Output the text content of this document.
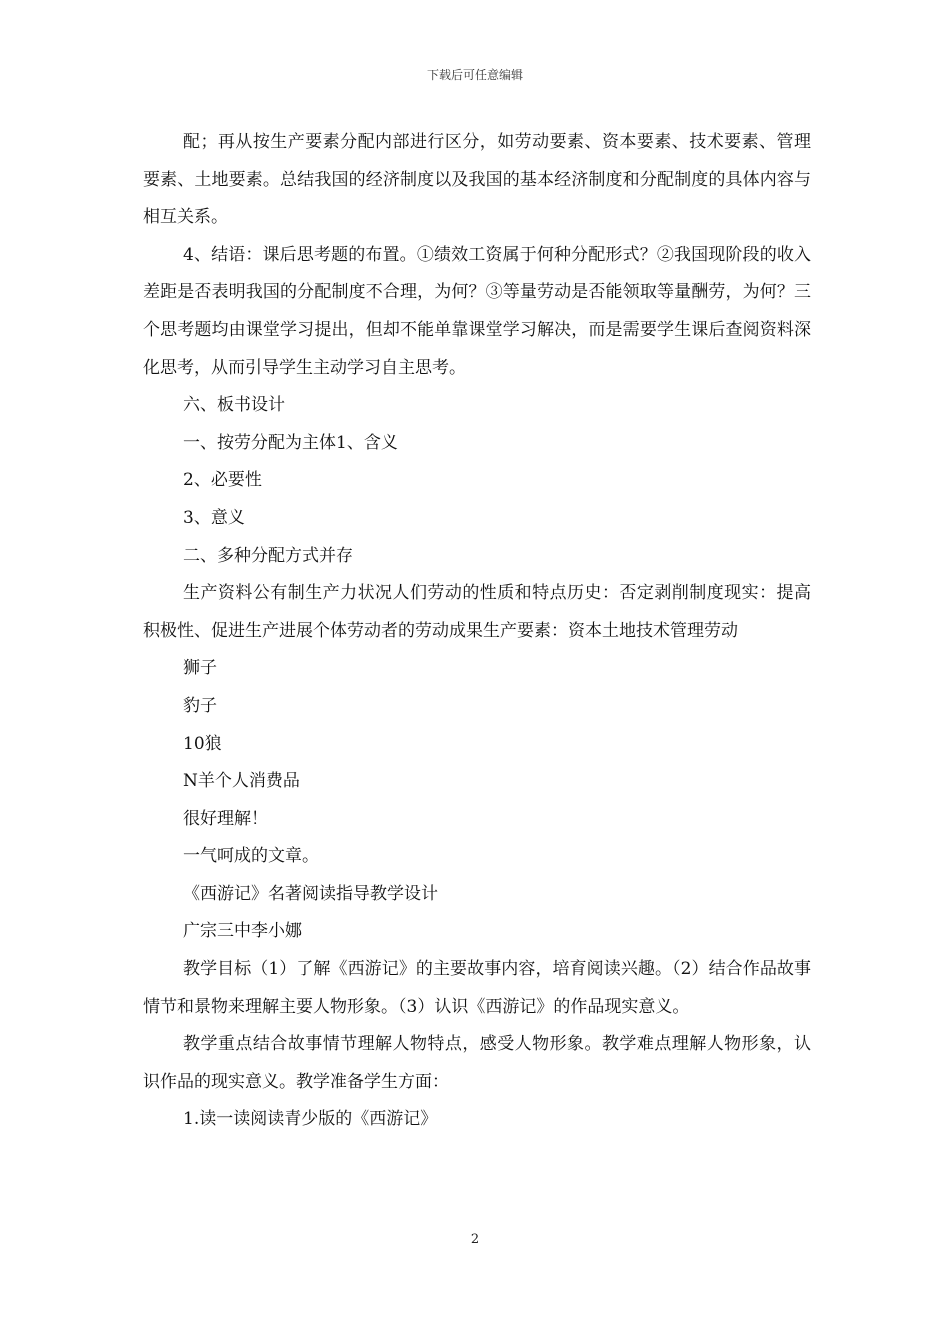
下载后可任意编辑

配；再从按生产要素分配内部进行区分，如劳动要素、资本要素、技术要素、管理要素、土地要素。总结我国的经济制度以及我国的基本经济制度和分配制度的具体内容与相互关系。

4、结语：课后思考题的布置。①绩效工资属于何种分配形式？②我国现阶段的收入差距是否表明我国的分配制度不合理，为何？③等量劳动是否能领取等量酬劳，为何？三个思考题均由课堂学习提出，但却不能单靠课堂学习解决，而是需要学生课后查阅资料深化思考，从而引导学生主动学习自主思考。

六、板书设计

一、按劳分配为主体1、含义

2、必要性

3、意义

二、多种分配方式并存

生产资料公有制生产力状况人们劳动的性质和特点历史：否定剥削制度现实：提高积极性、促进生产进展个体劳动者的劳动成果生产要素：资本土地技术管理劳动

狮子

豹子

10狼

N羊个人消费品

很好理解！

一气呵成的文章。

《西游记》名著阅读指导教学设计

广宗三中李小娜

教学目标（1）了解《西游记》的主要故事内容，培育阅读兴趣。（2）结合作品故事情节和景物来理解主要人物形象。（3）认识《西游记》的作品现实意义。

教学重点结合故事情节理解人物特点，感受人物形象。教学难点理解人物形象，认识作品的现实意义。教学准备学生方面：

1.读一读阅读青少版的《西游记》

2
